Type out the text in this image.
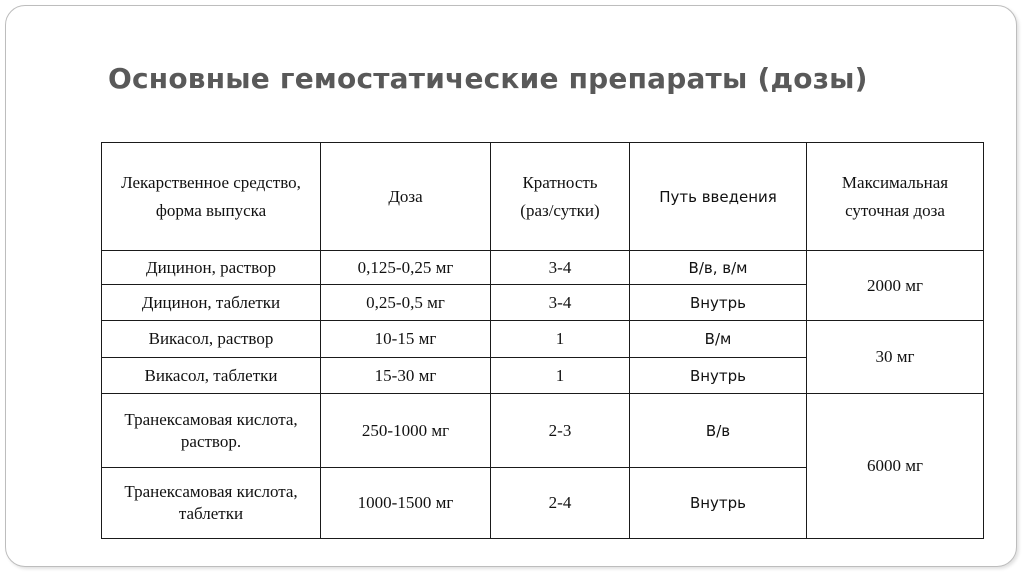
Основные гемостатические препараты (дозы)
Лекарственное средство, форма выпуска	Доза	Кратность (раз/сутки)	Путь введения	Максимальная суточная доза
Дицинон, раствор	0,125-0,25 мг	3-4	В/в, в/м	2000 мг
Дицинон, таблетки	0,25-0,5 мг	3-4	Внутрь	
Викасол, раствор	10-15 мг	1	В/м	30 мг
Викасол, таблетки	15-30 мг	1	Внутрь	
Транексамовая кислота, раствор.	250-1000 мг	2-3	В/в	6000 мг
Транексамовая кислота, таблетки	1000-1500 мг	2-4	Внутрь	
